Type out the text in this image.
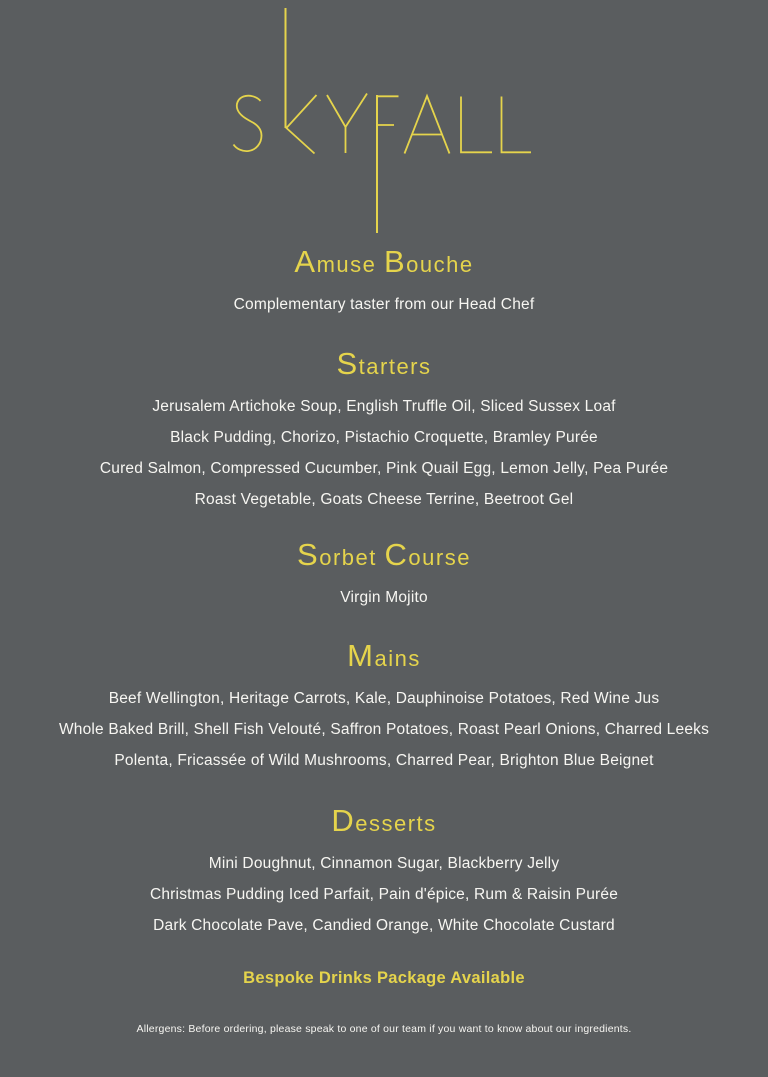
Amuse Bouche

Complementary taster from our Head Chef

Starters

Jerusalem Artichoke Soup, English Truffle Oil, Sliced Sussex Loaf

Black Pudding, Chorizo, Pistachio Croquette, Bramley Purée

Cured Salmon, Compressed Cucumber, Pink Quail Egg, Lemon Jelly, Pea Purée

Roast Vegetable, Goats Cheese Terrine, Beetroot Gel

Sorbet Course

Virgin Mojito

Mains

Beef Wellington, Heritage Carrots, Kale, Dauphinoise Potatoes, Red Wine Jus

Whole Baked Brill, Shell Fish Velouté, Saffron Potatoes, Roast Pearl Onions, Charred Leeks

Polenta, Fricassée of Wild Mushrooms, Charred Pear, Brighton Blue Beignet

Desserts

Mini Doughnut, Cinnamon Sugar, Blackberry Jelly

Christmas Pudding Iced Parfait, Pain d'épice, Rum & Raisin Purée

Dark Chocolate Pave, Candied Orange, White Chocolate Custard

Bespoke Drinks Package Available

Allergens: Before ordering, please speak to one of our team if you want to know about our ingredients.
